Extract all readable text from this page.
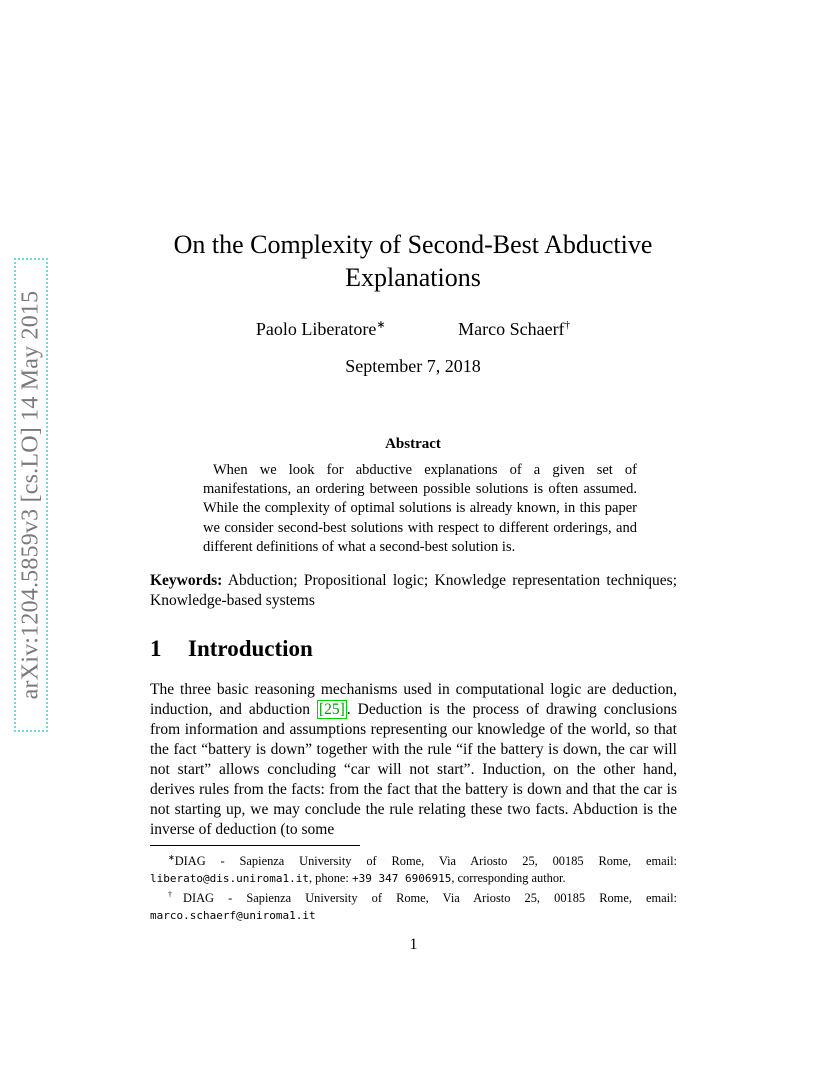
arXiv:1204.5859v3 [cs.LO] 14 May 2015
On the Complexity of Second-Best Abductive
Explanations
Paolo Liberatore∗	Marco Schaerf†
September 7, 2018
Abstract
When we look for abductive explanations of a given set of manifestations, an ordering between possible solutions is often assumed. While the complexity of optimal solutions is already known, in this paper we consider second-best solutions with respect to different orderings, and different definitions of what a second-best solution is.
Keywords: Abduction; Propositional logic; Knowledge representation techniques; Knowledge-based systems
1 Introduction
The three basic reasoning mechanisms used in computational logic are deduction, induction, and abduction [25] . Deduction is the process of drawing conclusions from information and assumptions representing our knowledge of the world, so that the fact “battery is down” together with the rule “if the battery is down, the car will not start” allows concluding “car will not start”. Induction, on the other hand, derives rules from the facts: from the fact that the battery is down and that the car is not starting up, we may conclude the rule relating these two facts. Abduction is the inverse of deduction (to some

∗DIAG - Sapienza University of Rome, Via Ariosto 25, 00185 Rome, email: liberato@dis.uniroma1.it, phone: +39 347 6906915, corresponding author.

†DIAG - Sapienza University of Rome, Via Ariosto 25, 00185 Rome, email: marco.schaerf@uniroma1.it

1
